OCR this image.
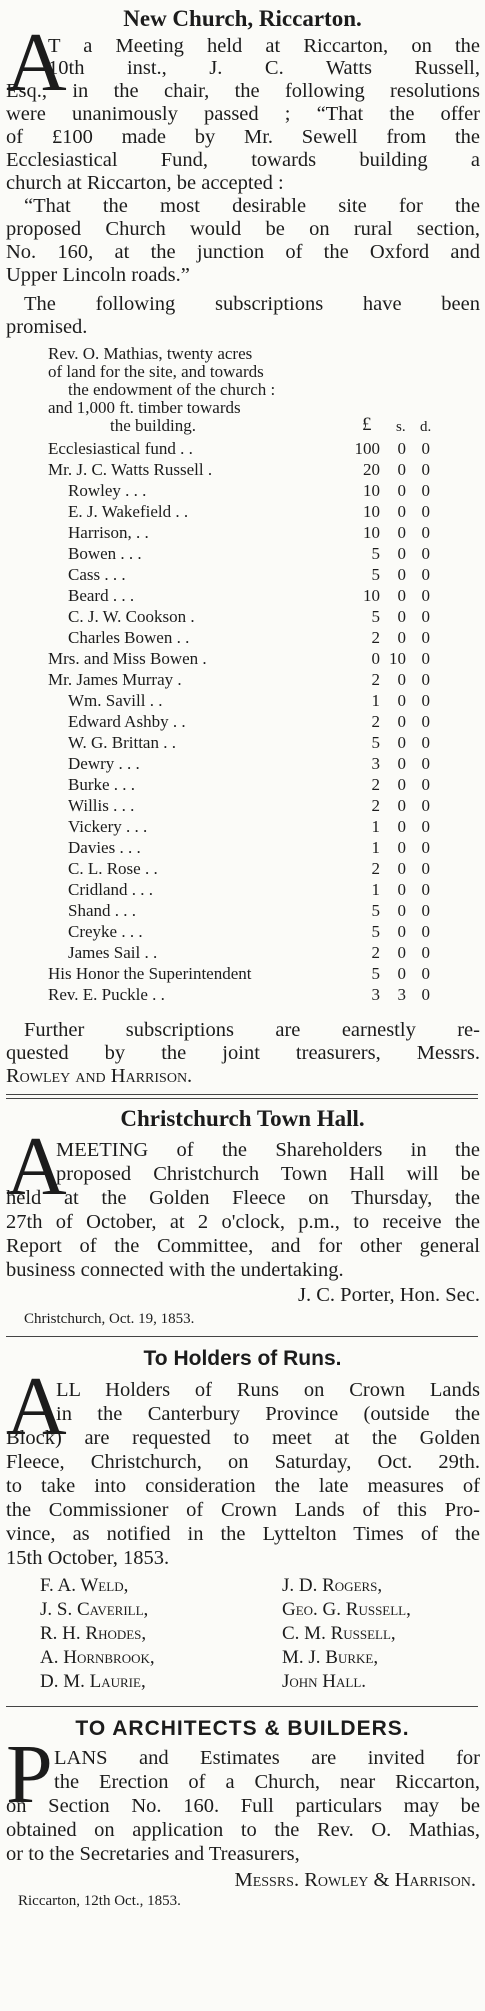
New Church, Riccarton.
A
T a Meeting held at Riccarton, on the
10th inst., J. C. Watts Russell,
Esq., in the chair, the following resolutions
were unanimously passed ; “That the offer
of £100 made by Mr. Sewell from the
Ecclesiastical Fund, towards building a
church at Riccarton, be accepted :
“That the most desirable site for the
proposed Church would be on rural section,
No. 160, at the junction of the Oxford and
Upper Lincoln roads.”
The following subscriptions have been
promised.
Rev. O. Mathias, twenty acres
of land for the site, and towards
the endowment of the church :
and 1,000 ft. timber towards
the building.	£ s. d.
Ecclesiastical fund . .	100	0 0
Mr. J. C. Watts Russell .	20	0 0
Rowley . . .	10	0 0
E. J. Wakefield . .	10	0 0
Harrison, . .	10	0 0
Bowen . . .	5	0 0
Cass . . .	5	0 0
Beard . . .	10	0 0
C. J. W. Cookson .	5	0 0
Charles Bowen . .	2	0 0
Mrs. and Miss Bowen .	0 10 0
Mr. James Murray .	2	0 0
Wm. Savill . .	1	0 0
Edward Ashby . .	2	0 0
W. G. Brittan . .	5	0 0
Dewry . . .	3	0 0
Burke . . .	2	0 0
Willis . . .	2	0 0
Vickery . . .	1	0 0
Davies . . .	1	0 0
C. L. Rose . .	2	0 0
Cridland . . .	1	0 0
Shand . . .	5	0 0
Creyke . . .	5	0 0
James Sail . .	2	0 0
His Honor the Superintendent	5	0 0
Rev. E. Puckle . .	3	3 0
Further subscriptions are earnestly re-
quested by the joint treasurers, Messrs.
Rowley and Harrison.
Christchurch Town Hall.
A
MEETING of the Shareholders in the
proposed Christchurch Town Hall will be
held at the Golden Fleece on Thursday, the
27th of October, at 2 o'clock, p.m., to receive the
Report of the Committee, and for other general
business connected with the undertaking.
J. C. Porter, Hon. Sec.
Christchurch, Oct. 19, 1853.
To Holders of Runs.
A
LL Holders of Runs on Crown Lands
in the Canterbury Province (outside the
Block) are requested to meet at the Golden
Fleece, Christchurch, on Saturday, Oct. 29th.
to take into consideration the late measures of
the Commissioner of Crown Lands of this Pro-
vince, as notified in the Lyttelton Times of the
15th October, 1853.
F. A. Weld,
J. S. Caverill,
R. H. Rhodes,
A. Hornbrook,
D. M. Laurie,
J. D. Rogers,
Geo. G. Russell,
C. M. Russell,
M. J. Burke,
John Hall.
TO ARCHITECTS & BUILDERS.
P LANS and Estimates are invited for
the Erection of a Church, near Riccarton,
on Section No. 160. Full particulars may be
obtained on application to the Rev. O. Mathias,
or to the Secretaries and Treasurers,
Messrs. Rowley & Harrison.
Riccarton, 12th Oct., 1853.
